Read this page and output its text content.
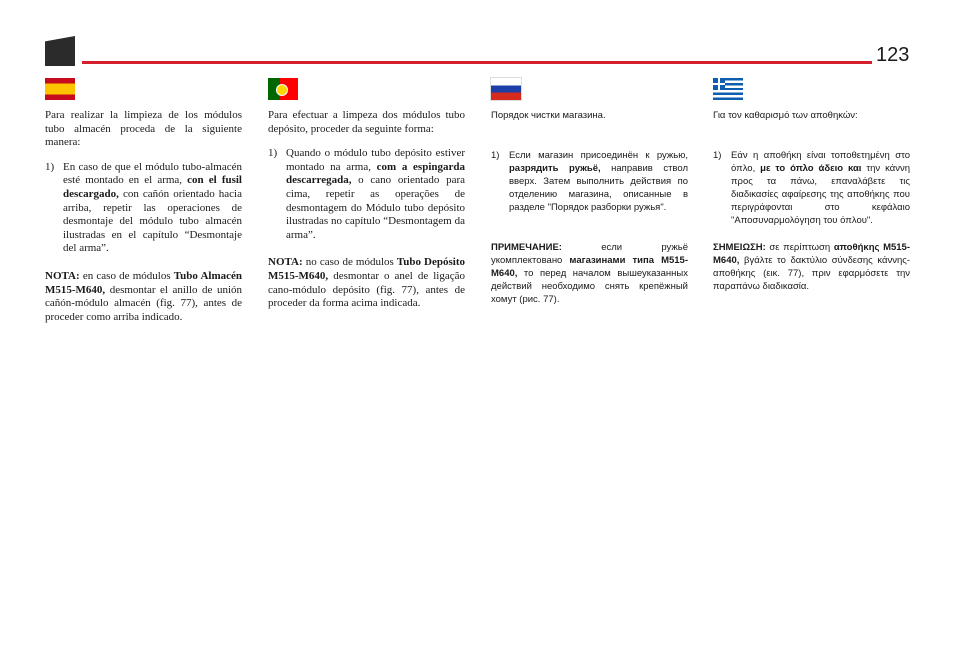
123

Para realizar la limpieza de los módulos tubo almacén proceda de la siguiente manera:

1) En caso de que el módulo tubo-almacén esté montado en el arma, con el fusil descargado, con cañón orientado hacia arriba, repetir las operaciones de desmontaje del módulo tubo almacén ilustradas en el capítulo “Desmontaje del arma”.

NOTA: en caso de módulos Tubo Almacén M515-M640, desmontar el anillo de unión cañón-módulo almacén (fig. 77), antes de proceder como arriba indicado.

Para efectuar a limpeza dos módulos tubo depósito, proceder da seguinte forma:

1) Quando o módulo tubo depósito estiver montado na arma, com a espingarda descarregada, o cano orientado para cima, repetir as operações de desmontagem do Módulo tubo depósito ilustradas no capítulo “Desmontagem da arma”.

NOTA: no caso de módulos Tubo Depósito M515-M640, desmontar o anel de ligação cano-módulo depósito (fig. 77), antes de proceder da forma acima indicada.

Порядок чистки магазина.

1)	Если магазин присоединён к ружью, разрядить ружьё, направив ствол вверх. Затем выполнить действия по отделению магазина, описанные в разделе "Порядок разборки ружья".

ПРИМЕЧАНИЕ: если ружьё укомплектовано магазинами типа M515-M640, то перед началом вышеуказанных действий необходимо снять крепёжный хомут (рис. 77).

Για τον καθαρισμό των αποθηκών:

1)	Εάν η αποθήκη είναι τοποθετημένη στο όπλο, με το όπλο άδειο και την κάννη προς τα πάνω, επαναλάβετε τις διαδικασίες αφαίρεσης της αποθήκης που περιγράφονται στο κεφάλαιο "Αποσυναρμολόγηση του όπλου".

ΣΗΜΕΙΩΣΗ: σε περίπτωση αποθήκης M515-M640, βγάλτε το δακτύλιο σύνδεσης κάννης-αποθήκης (εικ. 77), πριν εφαρμόσετε την παραπάνω διαδικασία.
